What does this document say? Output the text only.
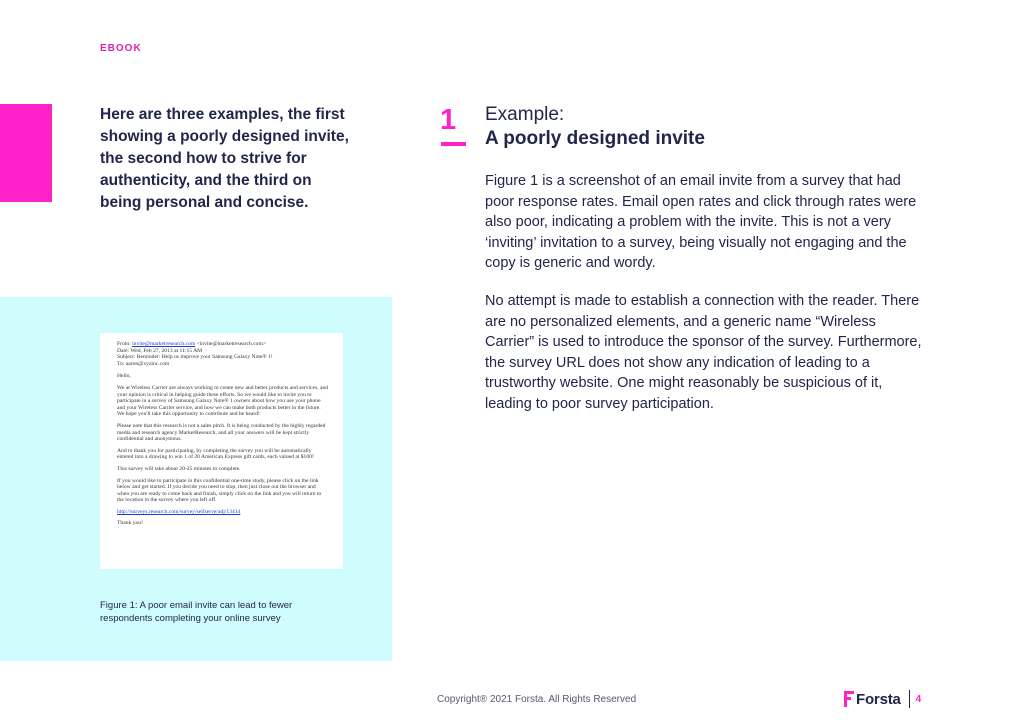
EBOOK
Here are three examples, the first showing a poorly designed invite, the second how to strive for authenticity, and the third on being personal and concise.
From: invite@marketresearch.com <invite@marketresearch.com>
Date: Wed, Feb 27, 2013 at 11:15 AM
Subject: Reminder: Help us improve your Samsung Galaxy Note® 1!
To: aaron@xyzinc.com

Hello,

We at Wireless Carrier are always working to create new and better products and services, and your opinion is critical in helping guide these efforts. So we would like to invite you to participate in a survey of Samsung Galaxy Note® 1 owners about how you use your phone and your Wireless Carrier service, and how we can make both products better in the future. We hope you'll take this opportunity to contribute and be heard!

Please note that this research is not a sales pitch. It is being conducted by the highly regarded media and research agency MarketResearch, and all your answers will be kept strictly confidential and anonymous.

And to thank you for participating, by completing the survey you will be automatically entered into a drawing to win 1 of 20 American Express gift cards, each valued at $100!

This survey will take about 20-25 minutes to complete.

If you would like to participate in this confidential one-time study, please click on the link below and get started. If you decide you need to stop, then just close out the browser and when you are ready to come back and finish, simply click on the link and you will return to the location in the survey where you left off.

http://surveys.research.com/survey/selfserve/adj/13414

Thank you!

Figure 1: A poor email invite can lead to fewer respondents completing your online survey
1 Example:
A poorly designed invite
Figure 1 is a screenshot of an email invite from a survey that had poor response rates. Email open rates and click through rates were also poor, indicating a problem with the invite. This is not a very ‘inviting’ invitation to a survey, being visually not engaging and the copy is generic and wordy.
No attempt is made to establish a connection with the reader. There are no personalized elements, and a generic name “Wireless Carrier” is used to introduce the sponsor of the survey. Furthermore, the survey URL does not show any indication of leading to a trustworthy website. One might reasonably be suspicious of it, leading to poor survey participation.
Copyright® 2021 Forsta. All Rights Reserved	Forsta 4
